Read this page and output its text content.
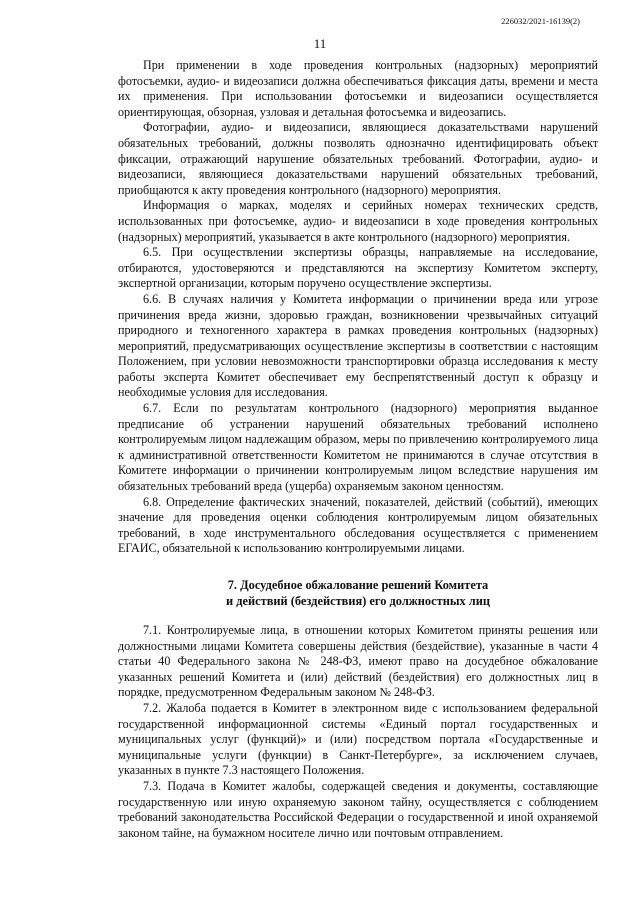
226032/2021-16139(2)
11

При применении в ходе проведения контрольных (надзорных) мероприятий фотосъемки, аудио- и видеозаписи должна обеспечиваться фиксация даты, времени и места их применения. При использовании фотосъемки и видеозаписи осуществляется ориентирующая, обзорная, узловая и детальная фотосъемка и видеозапись.

Фотографии, аудио- и видеозаписи, являющиеся доказательствами нарушений обязательных требований, должны позволять однозначно идентифицировать объект фиксации, отражающий нарушение обязательных требований. Фотографии, аудио- и видеозаписи, являющиеся доказательствами нарушений обязательных требований, приобщаются к акту проведения контрольного (надзорного) мероприятия.

Информация о марках, моделях и серийных номерах технических средств, использованных при фотосъемке, аудио- и видеозаписи в ходе проведения контрольных (надзорных) мероприятий, указывается в акте контрольного (надзорного) мероприятия.

6.5. При осуществлении экспертизы образцы, направляемые на исследование, отбираются, удостоверяются и представляются на экспертизу Комитетом эксперту, экспертной организации, которым поручено осуществление экспертизы.

6.6. В случаях наличия у Комитета информации о причинении вреда или угрозе причинения вреда жизни, здоровью граждан, возникновении чрезвычайных ситуаций природного и техногенного характера в рамках проведения контрольных (надзорных) мероприятий, предусматривающих осуществление экспертизы в соответствии с настоящим Положением, при условии невозможности транспортировки образца исследования к месту работы эксперта Комитет обеспечивает ему беспрепятственный доступ к образцу и необходимые условия для исследования.

6.7. Если по результатам контрольного (надзорного) мероприятия выданное предписание об устранении нарушений обязательных требований исполнено контролируемым лицом надлежащим образом, меры по привлечению контролируемого лица к административной ответственности Комитетом не принимаются в случае отсутствия в Комитете информации о причинении контролируемым лицом вследствие нарушения им обязательных требований вреда (ущерба) охраняемым законом ценностям.

6.8. Определение фактических значений, показателей, действий (событий), имеющих значение для проведения оценки соблюдения контролируемым лицом обязательных требований, в ходе инструментального обследования осуществляется с применением ЕГАИС, обязательной к использованию контролируемыми лицами.

7. Досудебное обжалование решений Комитета
и действий (бездействия) его должностных лиц

7.1. Контролируемые лица, в отношении которых Комитетом приняты решения или должностными лицами Комитета совершены действия (бездействие), указанные в части 4 статьи 40 Федерального закона № 248-ФЗ, имеют право на досудебное обжалование указанных решений Комитета и (или) действий (бездействия) его должностных лиц в порядке, предусмотренном Федеральным законом № 248-ФЗ.

7.2. Жалоба подается в Комитет в электронном виде с использованием федеральной государственной информационной системы «Единый портал государственных и муниципальных услуг (функций)» и (или) посредством портала «Государственные и муниципальные услуги (функции) в Санкт-Петербурге», за исключением случаев, указанных в пункте 7.3 настоящего Положения.

7.3. Подача в Комитет жалобы, содержащей сведения и документы, составляющие государственную или иную охраняемую законом тайну, осуществляется с соблюдением требований законодательства Российской Федерации о государственной и иной охраняемой законом тайне, на бумажном носителе лично или почтовым отправлением.
